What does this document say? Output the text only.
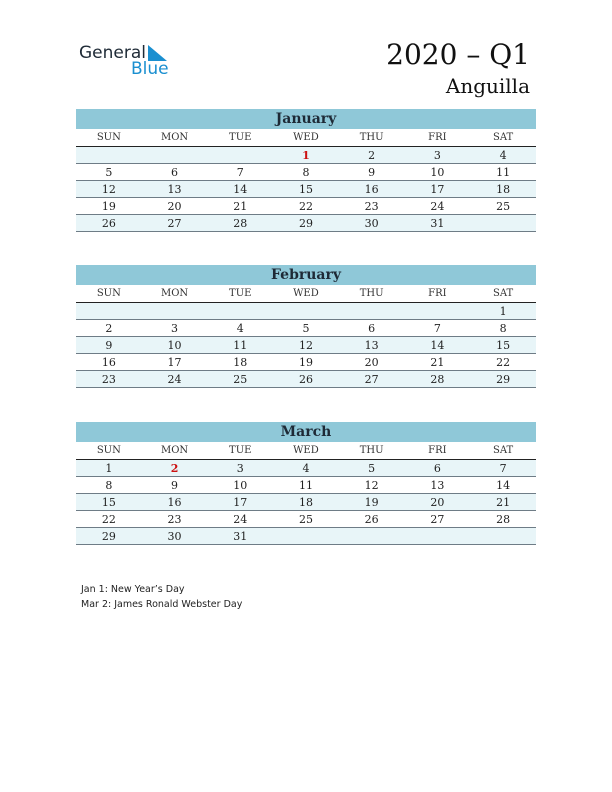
General
Blue	2020 – Q1
Anguilla
January
SUN	MON	TUE	WED	THU	FRI	SAT
			1	2	3	4
5	6	7	8	9	10	11
12	13	14	15	16	17	18
19	20	21	22	23	24	25
26	27	28	29	30	31	
February
SUN	MON	TUE	WED	THU	FRI	SAT
						1
2	3	4	5	6	7	8
9	10	11	12	13	14	15
16	17	18	19	20	21	22
23	24	25	26	27	28	29
March
SUN	MON	TUE	WED	THU	FRI	SAT
1	2	3	4	5	6	7
8	9	10	11	12	13	14
15	16	17	18	19	20	21
22	23	24	25	26	27	28
29	30	31				
Jan 1: New Year’s Day
Mar 2: James Ronald Webster Day
